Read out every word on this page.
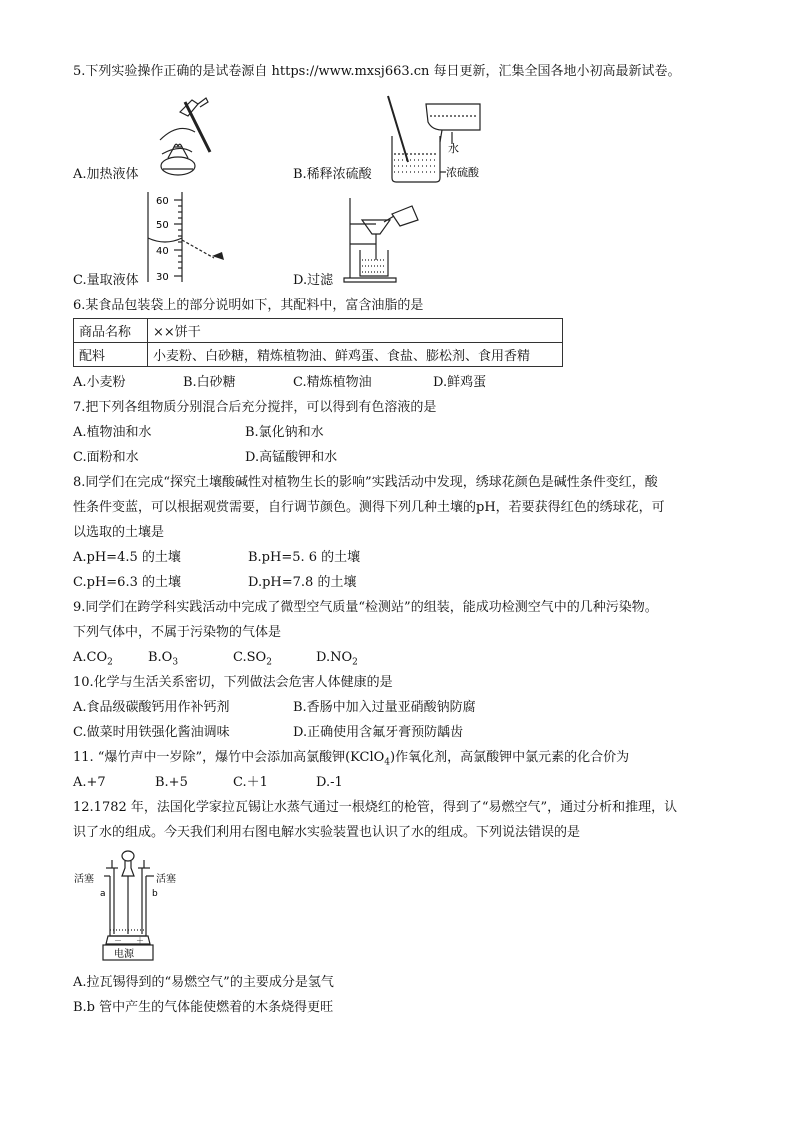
5.下列实验操作正确的是试卷源自 https://www.mxsj663.cn 每日更新，汇集全国各地小初高最新试卷。
A.加热液体
水
浓硫酸
B.稀释浓硫酸
60
50
40
30
C.量取液体	D.过滤
6.某食品包装袋上的部分说明如下，其配料中，富含油脂的是
商品名称	××饼干
配料	小麦粉、白砂糖，精炼植物油、鲜鸡蛋、食盐、膨松剂、食用香精
A.小麦粉	B.白砂糖	C.精炼植物油	D.鲜鸡蛋
7.把下列各组物质分别混合后充分搅拌，可以得到有色溶液的是
A.植物油和水	B.氯化钠和水
C.面粉和水	D.高锰酸钾和水
8.同学们在完成“探究土壤酸碱性对植物生长的影响”实践活动中发现，绣球花颜色是碱性条件变红，酸
性条件变蓝，可以根据观赏需要，自行调节颜色。测得下列几种土壤的pH，若要获得红色的绣球花，可
以选取的土壤是
A.pH=4.5 的土壤	B.pH=5. 6 的土壤
C.pH=6.3 的土壤	D.pH=7.8 的土壤
9.同学们在跨学科实践活动中完成了微型空气质量“检测站”的组装，能成功检测空气中的几种污染物。
下列气体中，不属于污染物的气体是
$A.CO_2$	$B.O_3$	$C.SO_2$	$D.NO_2$
10.化学与生活关系密切，下列做法会危害人体健康的是
A.食品级碳酸钙用作补钙剂	B.香肠中加入过量亚硝酸钠防腐
C.做菜时用铁强化酱油调味	D.正确使用含氟牙膏预防龋齿
11. “爆竹声中一岁除”，爆竹中会添加高氯酸钾(KClO$_4$)作氧化剂，高氯酸钾中氯元素的化合价为
A.+7	B.+5	C.＋1	D.-1
12.1782 年，法国化学家拉瓦锡让水蒸气通过一根烧红的枪管，得到了“易燃空气”，通过分析和推理，认
识了水的组成。今天我们利用右图电解水实验装置也认识了水的组成。下列说法错误的是
活塞	活塞
a	b
－ ＋
电源
A.拉瓦锡得到的“易燃空气”的主要成分是氢气
B.b 管中产生的气体能使燃着的木条烧得更旺
